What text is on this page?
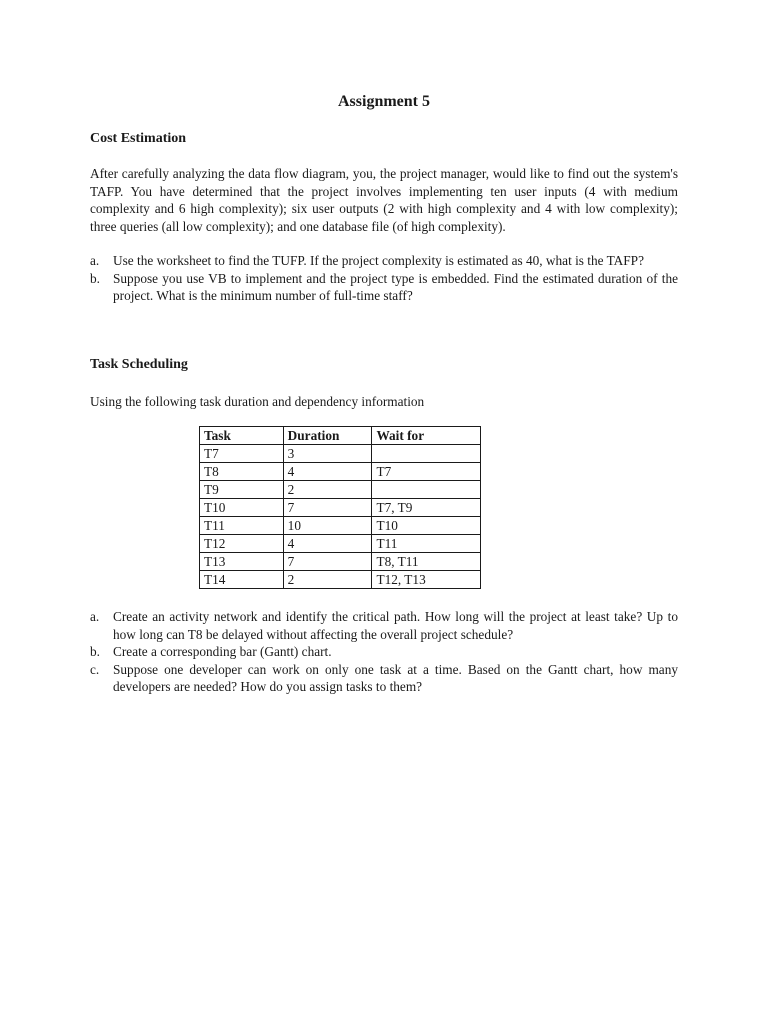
Assignment 5
Cost Estimation

After carefully analyzing the data flow diagram, you, the project manager, would like to find out the system's TAFP. You have determined that the project involves implementing ten user inputs (4 with medium complexity and 6 high complexity); six user outputs (2 with high complexity and 4 with low complexity); three queries (all low complexity); and one database file (of high complexity).

a. Use the worksheet to find the TUFP. If the project complexity is estimated as 40, what is the TAFP?
b. Suppose you use VB to implement and the project type is embedded. Find the estimated duration of the project. What is the minimum number of full-time staff?
Task Scheduling

Using the following task duration and dependency information

Task	Duration	Wait for
T7	3	
T8	4	T7
T9	2	
T10	7	T7, T9
T11	10	T10
T12	4	T11
T13	7	T8, T11
T14	2	T12, T13
a. Create an activity network and identify the critical path. How long will the project at least take? Up to how long can T8 be delayed without affecting the overall project schedule?
b. Create a corresponding bar (Gantt) chart.
c. Suppose one developer can work on only one task at a time. Based on the Gantt chart, how many developers are needed? How do you assign tasks to them?
